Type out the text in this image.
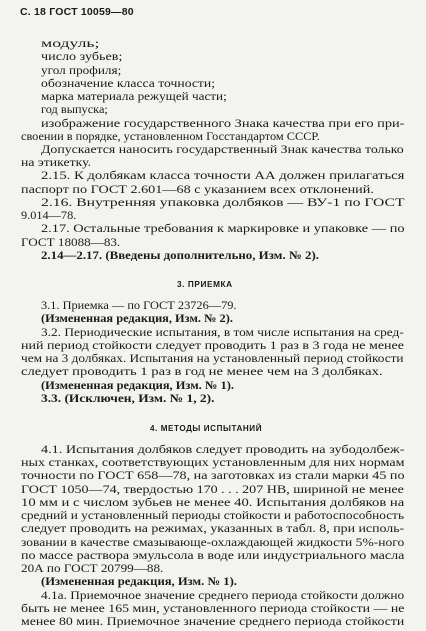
С. 18 ГОСТ 10059—80
модуль;
число зубьев;
угол профиля;
обозначение класса точности;
марка материала режущей части;
год выпуска;
изображение государственного Знака качества при его при-
своении в порядке, установленном Госстандартом СССР.
Допускается наносить государственный Знак качества только
на этикетку.
2.15. К долбякам класса точности АА должен прилагаться
паспорт по ГОСТ 2.601—68 с указанием всех отклонений.
2.16. Внутренняя упаковка долбяков — ВУ-1 по ГОСТ
9.014—78.
2.17. Остальные требования к маркировке и упаковке — по
ГОСТ 18088—83.
2.14—2.17. (Введены дополнительно, Изм. № 2).
3. ПРИЕМКА
3.1. Приемка — по ГОСТ 23726—79.
(Измененная редакция, Изм. № 2).
3.2. Периодические испытания, в том числе испытания на сред-
ний период стойкости следует проводить 1 раз в 3 года не менее
чем на 3 долбяках. Испытания на установленный период стойкости
следует проводить 1 раз в год не менее чем на 3 долбяках.
(Измененная редакция, Изм. № 1).
3.3. (Исключен, Изм. № 1, 2).
4. МЕТОДЫ ИСПЫТАНИЙ
4.1. Испытания долбяков следует проводить на зубодолбеж-
ных станках, соответствующих установленным для них нормам
точности по ГОСТ 658—78, на заготовках из стали марки 45 по
ГОСТ 1050—74, твердостью 170 . . . 207 НВ, шириной не менее
10 мм и с числом зубьев не менее 40. Испытания долбяков на
средний и установленный периоды стойкости и работоспособность
следует проводить на режимах, указанных в табл. 8, при исполь-
зовании в качестве смазывающе-охлаждающей жидкости 5%-ного
по массе раствора эмульсола в воде или индустриального масла
20А по ГОСТ 20799—88.
(Измененная редакция, Изм. № 1).
4.1а. Приемочное значение среднего периода стойкости должно
быть не менее 165 мин, установленного периода стойкости — не
менее 80 мин. Приемочное значение среднего периода стойкости
